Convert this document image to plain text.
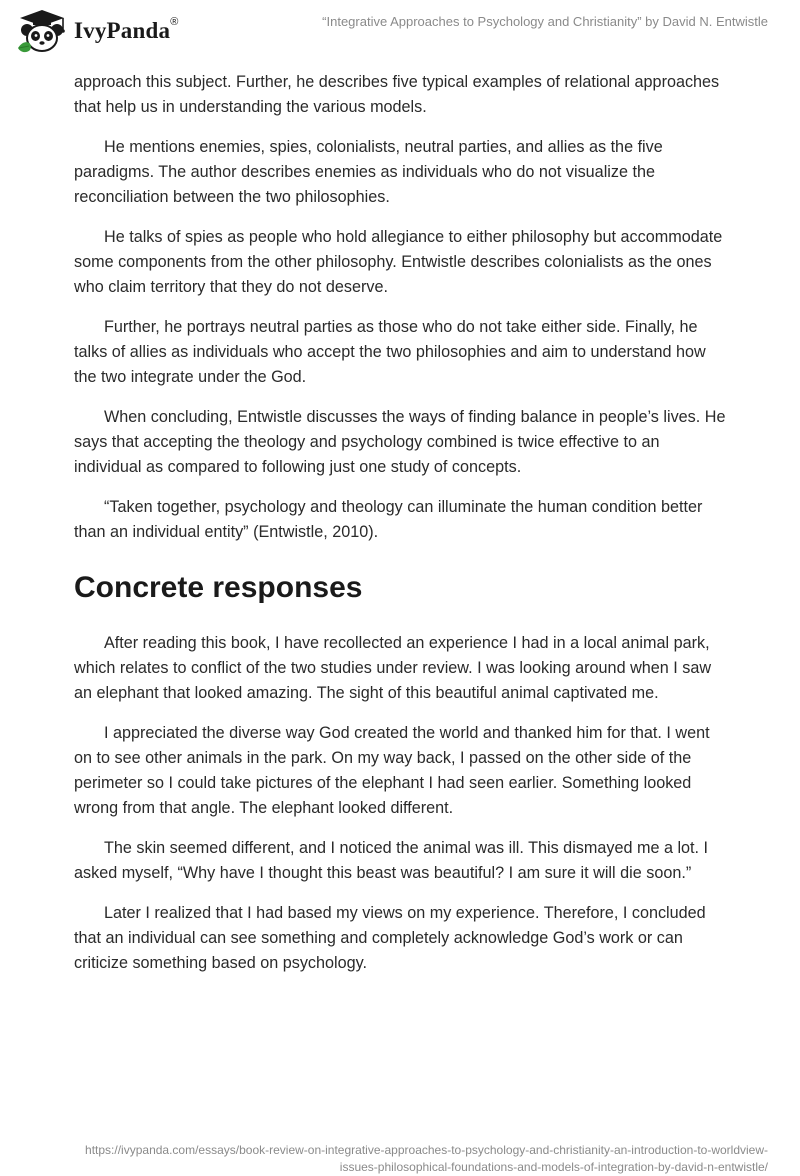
IvyPanda®	“Integrative Approaches to Psychology and Christianity” by David N. Entwistle

approach this subject. Further, he describes five typical examples of relational approaches that help us in understanding the various models.

He mentions enemies, spies, colonialists, neutral parties, and allies as the five paradigms. The author describes enemies as individuals who do not visualize the reconciliation between the two philosophies.

He talks of spies as people who hold allegiance to either philosophy but accommodate some components from the other philosophy. Entwistle describes colonialists as the ones who claim territory that they do not deserve.

Further, he portrays neutral parties as those who do not take either side. Finally, he talks of allies as individuals who accept the two philosophies and aim to understand how the two integrate under the God.

When concluding, Entwistle discusses the ways of finding balance in people’s lives. He says that accepting the theology and psychology combined is twice effective to an individual as compared to following just one study of concepts.

“Taken together, psychology and theology can illuminate the human condition better than an individual entity” (Entwistle, 2010).

Concrete responses

After reading this book, I have recollected an experience I had in a local animal park, which relates to conflict of the two studies under review. I was looking around when I saw an elephant that looked amazing. The sight of this beautiful animal captivated me.

I appreciated the diverse way God created the world and thanked him for that. I went on to see other animals in the park. On my way back, I passed on the other side of the perimeter so I could take pictures of the elephant I had seen earlier. Something looked wrong from that angle. The elephant looked different.

The skin seemed different, and I noticed the animal was ill. This dismayed me a lot. I asked myself, “Why have I thought this beast was beautiful? I am sure it will die soon.”

Later I realized that I had based my views on my experience. Therefore, I concluded that an individual can see something and completely acknowledge God’s work or can criticize something based on psychology.

https://ivypanda.com/essays/book-review-on-integrative-approaches-to-psychology-and-christianity-an-introduction-to-worldview-
issues-philosophical-foundations-and-models-of-integration-by-david-n-entwistle/
